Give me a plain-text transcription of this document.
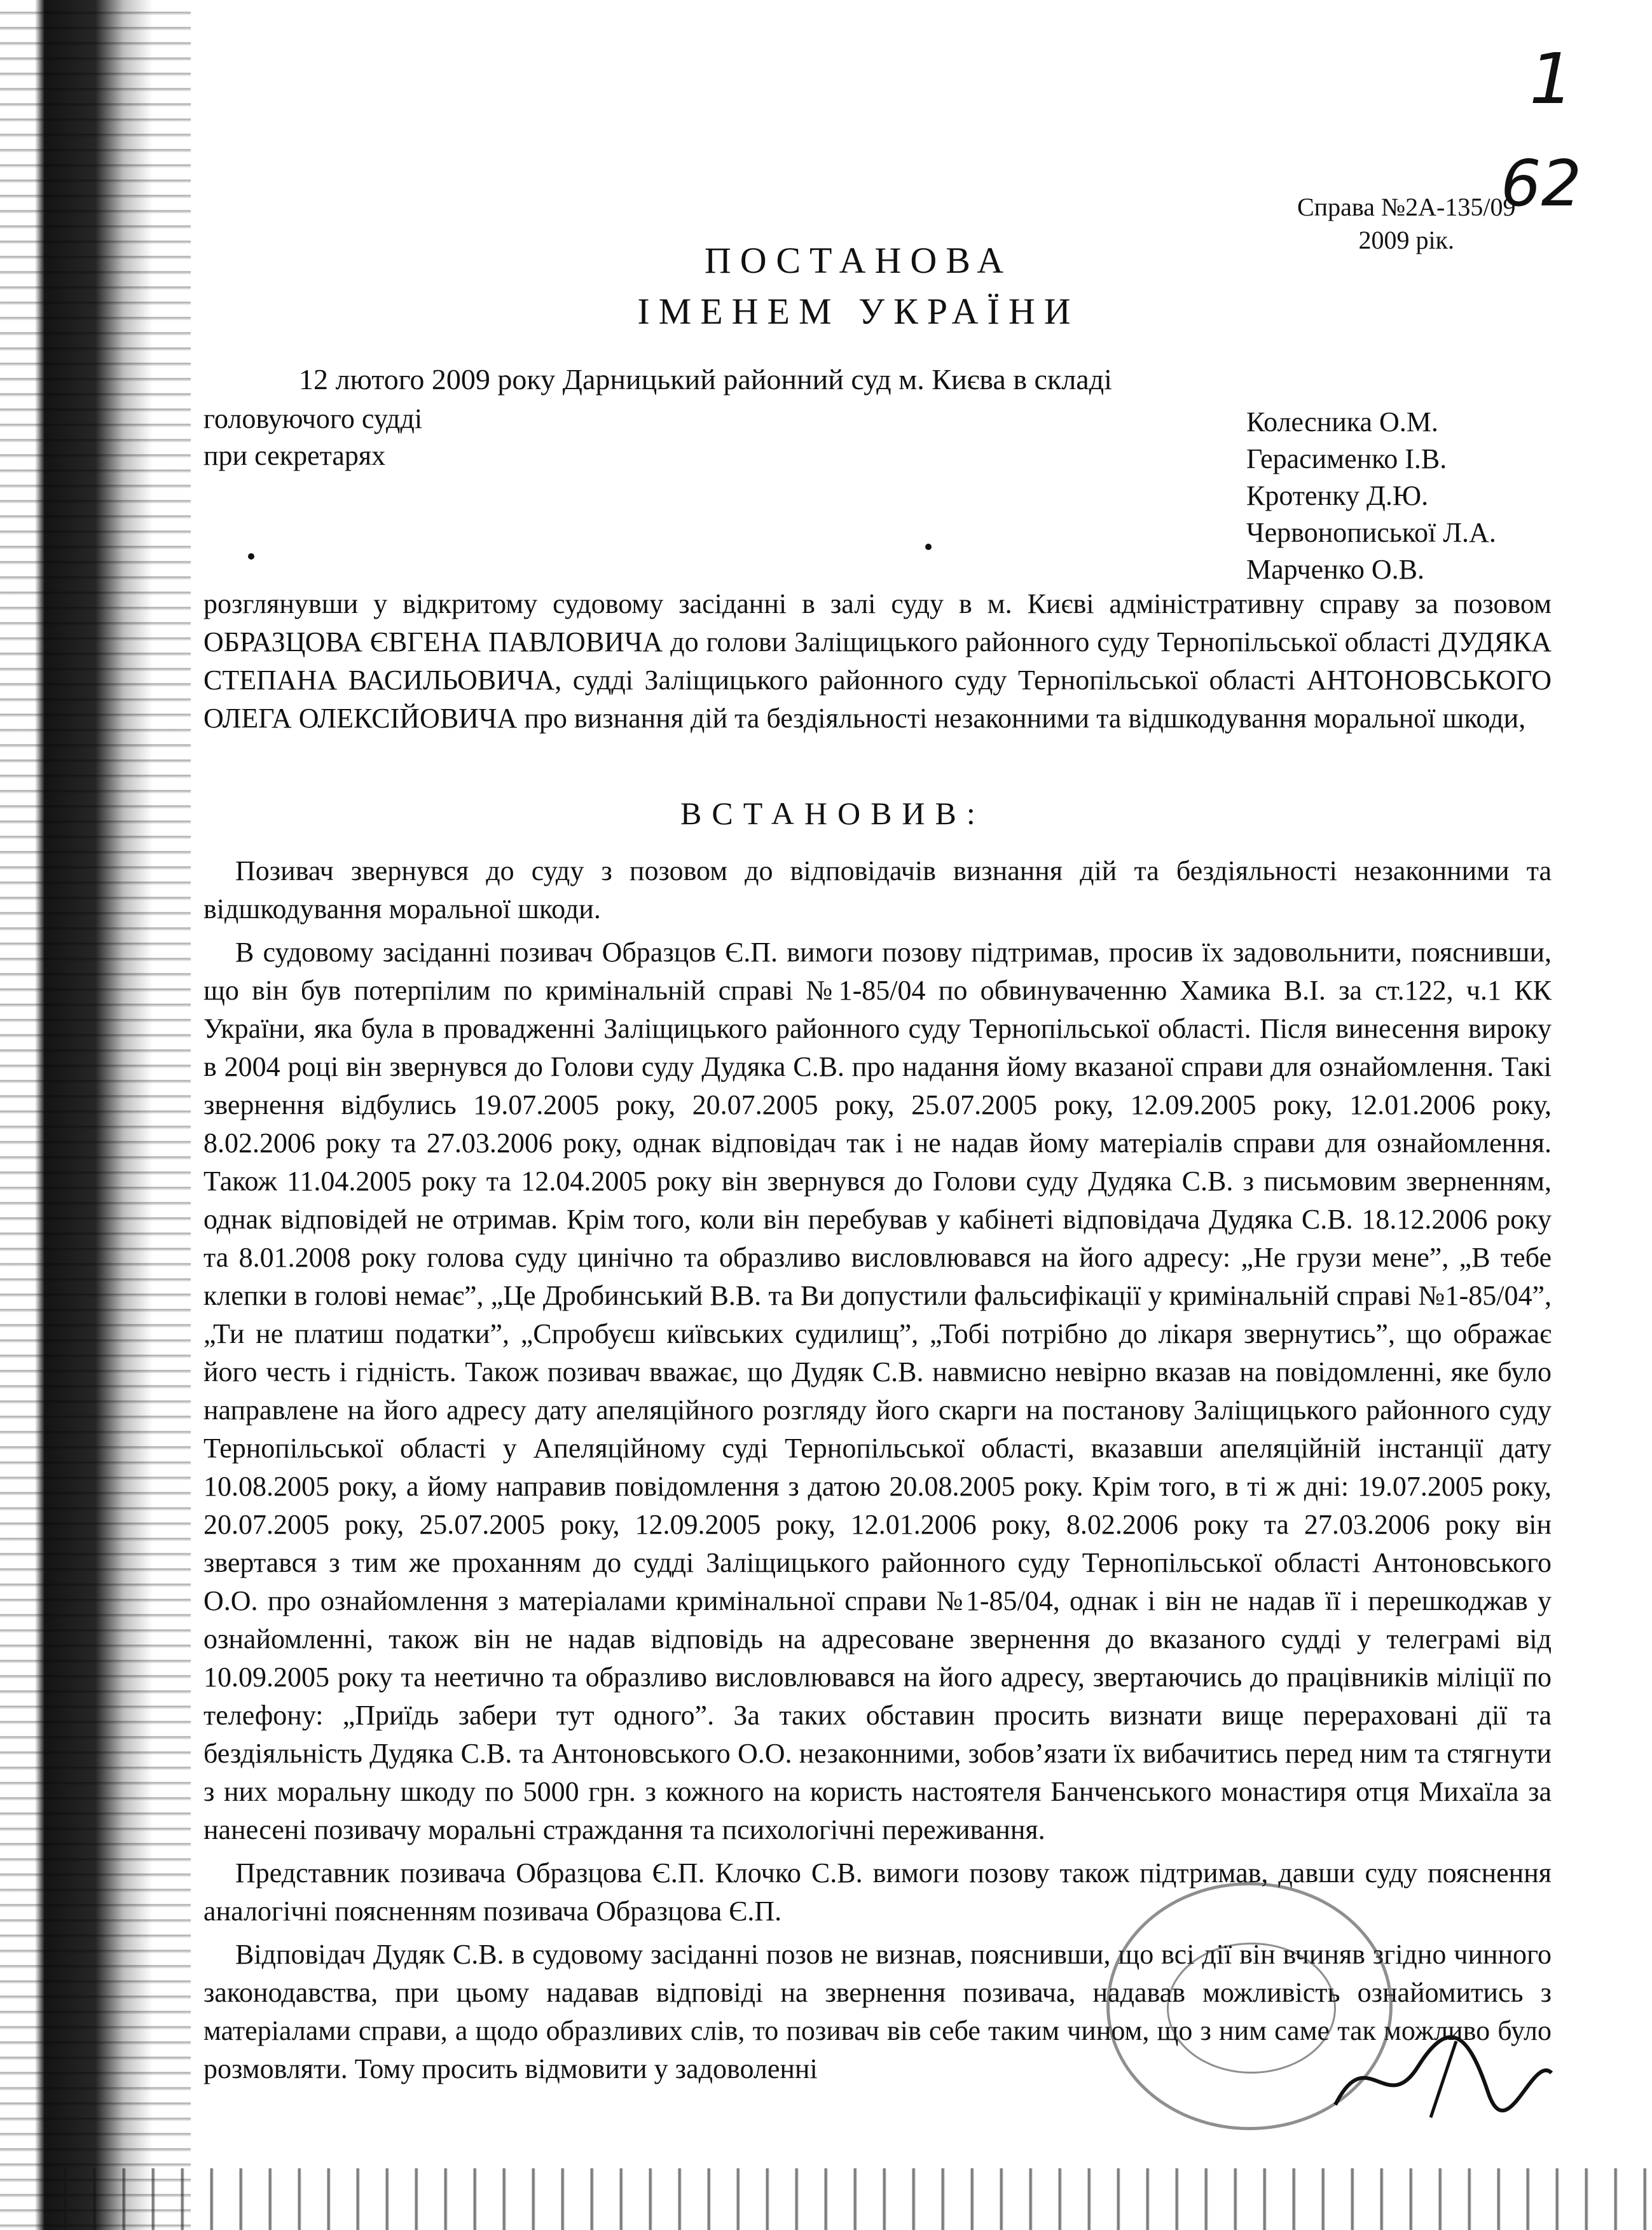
1
62
Справа №2А-135/09
2009 рік.
ПОСТАНОВА
ІМЕНЕМ УКРАЇНИ
12 лютого 2009 року Дарницький районний суд м. Києва в складі
головуючого судді
при секретарях
Колесника О.М.
Герасименко І.В.
Кротенку Д.Ю.
Червонописької Л.А.
Марченко О.В.
розглянувши у відкритому судовому засіданні в залі суду в м. Києві адміністративну справу за позовом ОБРАЗЦОВА ЄВГЕНА ПАВЛОВИЧА до голови Заліщицького районного суду Тернопільської області ДУДЯКА СТЕПАНА ВАСИЛЬОВИЧА, судді Заліщицького районного суду Тернопільської області АНТОНОВСЬКОГО ОЛЕГА ОЛЕКСІЙОВИЧА про визнання дій та бездіяльності незаконними та відшкодування моральної шкоди,
ВСТАНОВИВ:

Позивач звернувся до суду з позовом до відповідачів визнання дій та бездіяльності незаконними та відшкодування моральної шкоди.

В судовому засіданні позивач Образцов Є.П. вимоги позову підтримав, просив їх задовольнити, пояснивши, що він був потерпілим по кримінальній справі №1-85/04 по обвинуваченню Хамика В.І. за ст.122, ч.1 КК України, яка була в провадженні Заліщицького районного суду Тернопільської області. Після винесення вироку в 2004 році він звернувся до Голови суду Дудяка С.В. про надання йому вказаної справи для ознайомлення. Такі звернення відбулись 19.07.2005 року, 20.07.2005 року, 25.07.2005 року, 12.09.2005 року, 12.01.2006 року, 8.02.2006 року та 27.03.2006 року, однак відповідач так і не надав йому матеріалів справи для ознайомлення. Також 11.04.2005 року та 12.04.2005 року він звернувся до Голови суду Дудяка С.В. з письмовим зверненням, однак відповідей не отримав. Крім того, коли він перебував у кабінеті відповідача Дудяка С.В. 18.12.2006 року та 8.01.2008 року голова суду цинічно та образливо висловлювався на його адресу: „Не грузи мене”, „В тебе клепки в голові немає”, „Це Дробинський В.В. та Ви допустили фальсифікації у кримінальній справі №1-85/04”, „Ти не платиш податки”, „Спробуєш київських судилищ”, „Тобі потрібно до лікаря звернутись”, що ображає його честь і гідність. Також позивач вважає, що Дудяк С.В. навмисно невірно вказав на повідомленні, яке було направлене на його адресу дату апеляційного розгляду його скарги на постанову Заліщицького районного суду Тернопільської області у Апеляційному суді Тернопільської області, вказавши апеляційній інстанції дату 10.08.2005 року, а йому направив повідомлення з датою 20.08.2005 року. Крім того, в ті ж дні: 19.07.2005 року, 20.07.2005 року, 25.07.2005 року, 12.09.2005 року, 12.01.2006 року, 8.02.2006 року та 27.03.2006 року він звертався з тим же проханням до судді Заліщицького районного суду Тернопільської області Антоновського О.О. про ознайомлення з матеріалами кримінальної справи №1-85/04, однак і він не надав її і перешкоджав у ознайомленні, також він не надав відповідь на адресоване звернення до вказаного судді у телеграмі від 10.09.2005 року та неетично та образливо висловлювався на його адресу, звертаючись до працівників міліції по телефону: „Приїдь забери тут одного”. За таких обставин просить визнати вище перераховані дії та бездіяльність Дудяка С.В. та Антоновського О.О. незаконними, зобов’язати їх вибачитись перед ним та стягнути з них моральну шкоду по 5000 грн. з кожного на користь настоятеля Банченського монастиря отця Михаїла за нанесені позивачу моральні страждання та психологічні переживання.

Представник позивача Образцова Є.П. Клочко С.В. вимоги позову також підтримав, давши суду пояснення аналогічні поясненням позивача Образцова Є.П.

Відповідач Дудяк С.В. в судовому засіданні позов не визнав, пояснивши, що всі дії він вчиняв згідно чинного законодавства, при цьому надавав відповіді на звернення позивача, надавав можливість ознайомитись з матеріалами справи, а щодо образливих слів, то позивач вів себе таким чином, що з ним саме так можливо було розмовляти. Тому просить відмовити у задоволенні
